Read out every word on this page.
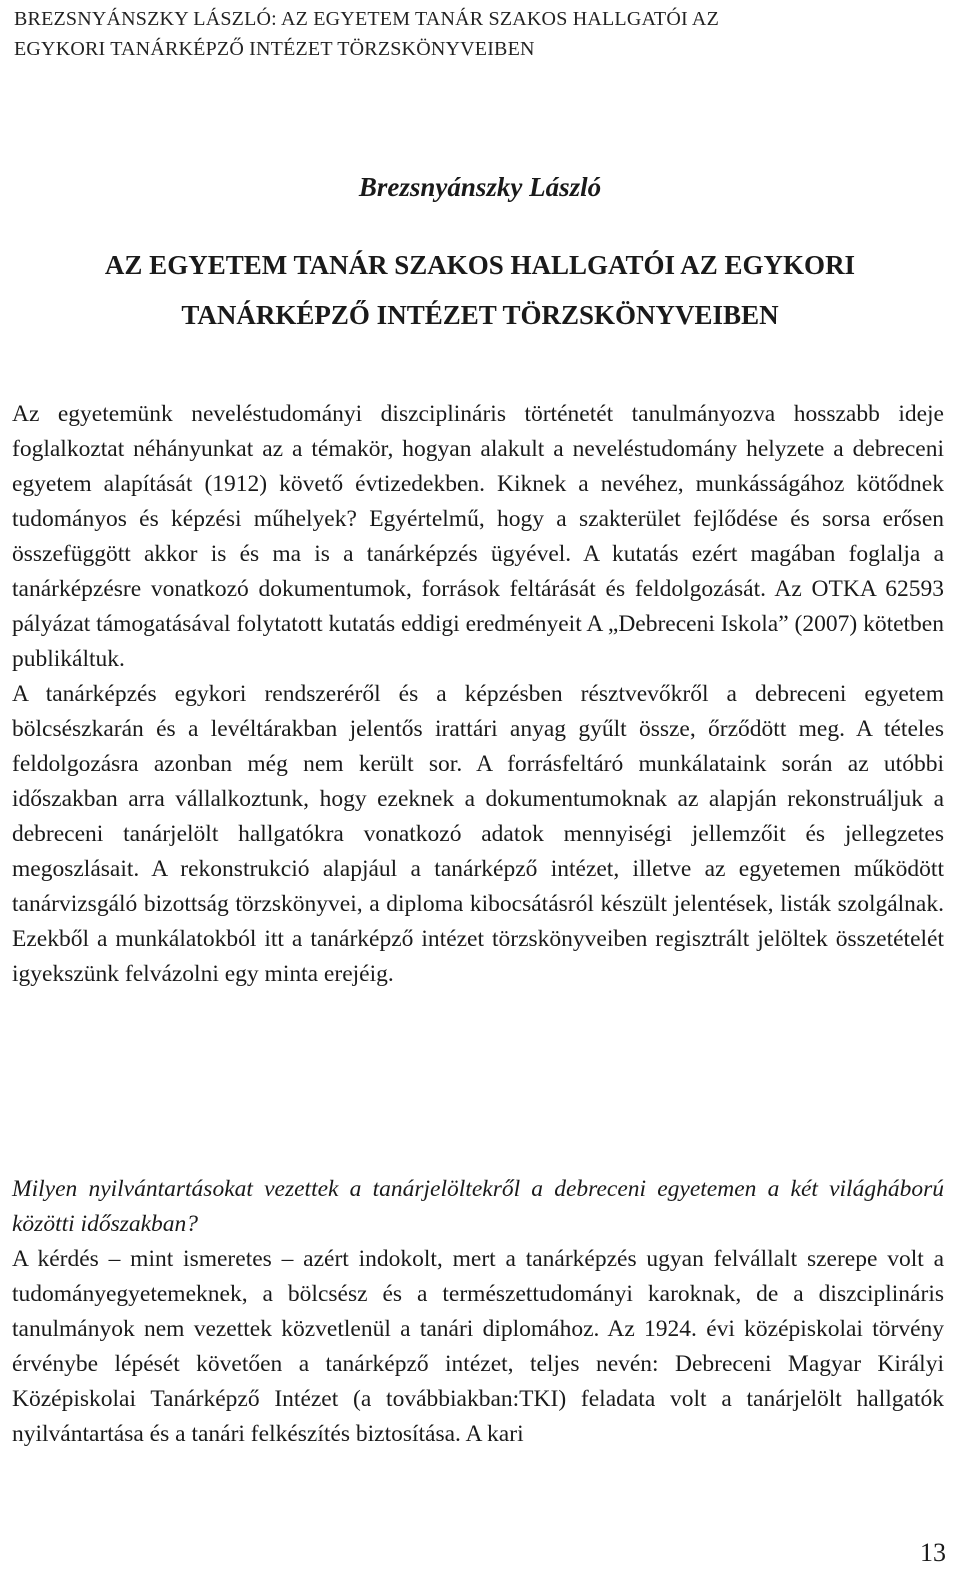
BREZSNYÁNSZKY LÁSZLÓ: AZ EGYETEM TANÁR SZAKOS HALLGATÓI AZ
EGYKORI TANÁRKÉPZŐ INTÉZET TÖRZSKÖNYVEIBEN
Brezsnyánszky László
AZ EGYETEM TANÁR SZAKOS HALLGATÓI AZ EGYKORI
TANÁRKÉPZŐ INTÉZET TÖRZSKÖNYVEIBEN

Az egyetemünk neveléstudományi diszciplináris történetét tanulmányozva hosszabb ideje foglalkoztat néhányunkat az a témakör, hogyan alakult a neveléstudomány helyzete a debreceni egyetem alapítását (1912) követő évtizedekben. Kiknek a nevéhez, munkásságához kötődnek tudományos és képzési műhelyek? Egyértelmű, hogy a szakterület fejlődése és sorsa erősen összefüggött akkor is és ma is a tanárképzés ügyével. A kutatás ezért magában foglalja a tanárképzésre vonatkozó dokumentumok, források feltárását és feldolgozását. Az OTKA 62593 pályázat támogatásával folytatott kutatás eddigi eredményeit A „Debreceni Iskola” (2007) kötetben publikáltuk.

A tanárképzés egykori rendszeréről és a képzésben résztvevőkről a debreceni egyetem bölcsészkarán és a levéltárakban jelentős irattári anyag gyűlt össze, őrződött meg. A tételes feldolgozásra azonban még nem került sor. A forrásfeltáró munkálataink során az utóbbi időszakban arra vállalkoztunk, hogy ezeknek a dokumentumoknak az alapján rekonstruáljuk a debreceni tanárjelölt hallgatókra vonatkozó adatok mennyiségi jellemzőit és jellegzetes megoszlásait. A rekonstrukció alapjául a tanárképző intézet, illetve az egyetemen működött tanárvizsgáló bizottság törzskönyvei, a diploma kibocsátásról készült jelentések, listák szolgálnak. Ezekből a munkálatokból itt a tanárképző intézet törzskönyveiben regisztrált jelöltek összetételét igyekszünk felvázolni egy minta erejéig.

Milyen nyilvántartásokat vezettek a tanárjelöltekről a debreceni egyetemen a két világháború közötti időszakban?

A kérdés – mint ismeretes – azért indokolt, mert a tanárképzés ugyan felvállalt szerepe volt a tudományegyetemeknek, a bölcsész és a természettudományi karoknak, de a diszciplináris tanulmányok nem vezettek közvetlenül a tanári diplomához. Az 1924. évi középiskolai törvény érvénybe lépését követően a tanárképző intézet, teljes nevén: Debreceni Magyar Királyi Középiskolai Tanárképző Intézet (a továbbiakban:TKI) feladata volt a tanárjelölt hallgatók nyilvántartása és a tanári felkészítés biztosítása. A kari

13
